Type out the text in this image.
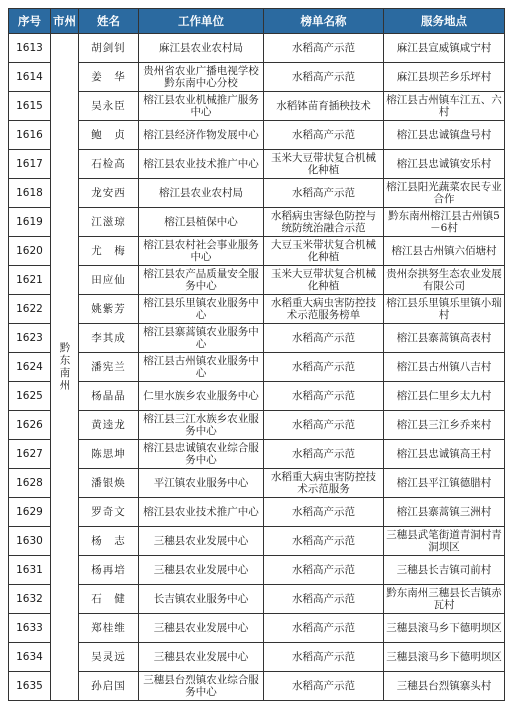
序号	市州	姓名	工作单位	榜单名称	服务地点
1613	黔东南州	胡剑钊	麻江县农业农村局	水稻高产示范	麻江县宣威镇咸宁村
1614		姜　华	贵州省农业广播电视学校黔东南中心分校	水稻高产示范	麻江县坝芒乡乐坪村
1615		吴永臣	榕江县农业机械推广服务中心	水稻钵苗育插秧技术	榕江县古州镇车江五、六村
1616		鲍　贞	榕江县经济作物发展中心	水稻高产示范	榕江县忠诚镇盘号村
1617		石检高	榕江县农业技术推广中心	玉米大豆带状复合机械化种植	榕江县忠诚镇安乐村
1618		龙安西	榕江县农业农村局	水稻高产示范	榕江县阳光蔬菜农民专业合作
1619		江滋琼	榕江县植保中心	水稻病虫害绿色防控与统防统治融合示范	黔东南州榕江县古州镇5－6村
1620		尤　梅	榕江县农村社会事业服务中心	大豆玉米带状复合机械化种植	榕江县古州镇六佰塘村
1621		田应仙	榕江县农产品质量安全服务中心	玉米大豆带状复合机械化种植	贵州奈拱努生态农业发展有限公司
1622		姚紫芳	榕江县乐里镇农业服务中心	水稻重大病虫害防控技术示范服务榜单	榕江县乐里镇乐里镇小瑞村
1623		李其成	榕江县寨蒿镇农业服务中心	水稻高产示范	榕江县寨蒿镇高表村
1624		潘宪兰	榕江县古州镇农业服务中心	水稻高产示范	榕江县古州镇八吉村
1625		杨晶晶	仁里水族乡农业服务中心	水稻高产示范	榕江县仁里乡太九村
1626		黄逵龙	榕江县三江水族乡农业服务中心	水稻高产示范	榕江县三江乡乔来村
1627		陈思坤	榕江县忠诚镇农业综合服务中心	水稻高产示范	榕江县忠诚镇高王村
1628		潘银焕	平江镇农业服务中心	水稻重大病虫害防控技术示范服务	榕江县平江镇德腊村
1629		罗奇文	榕江县农业技术推广中心	水稻高产示范	榕江县寨蒿镇三洲村
1630		杨　志	三穗县农业发展中心	水稻高产示范	三穗县武笔街道青洞村青洞坝区
1631		杨再培	三穗县农业发展中心	水稻高产示范	三穗县长吉镇司前村
1632		石　健	长吉镇农业服务中心	水稻高产示范	黔东南州三穗县长吉镇赤瓦村
1633		郑桂维	三穗县农业发展中心	水稻高产示范	三穗县滚马乡下德明坝区
1634		吴灵远	三穗县农业发展中心	水稻高产示范	三穗县滚马乡下德明坝区
1635		孙启国	三穗县台烈镇农业综合服务中心	水稻高产示范	三穗县台烈镇寨头村
